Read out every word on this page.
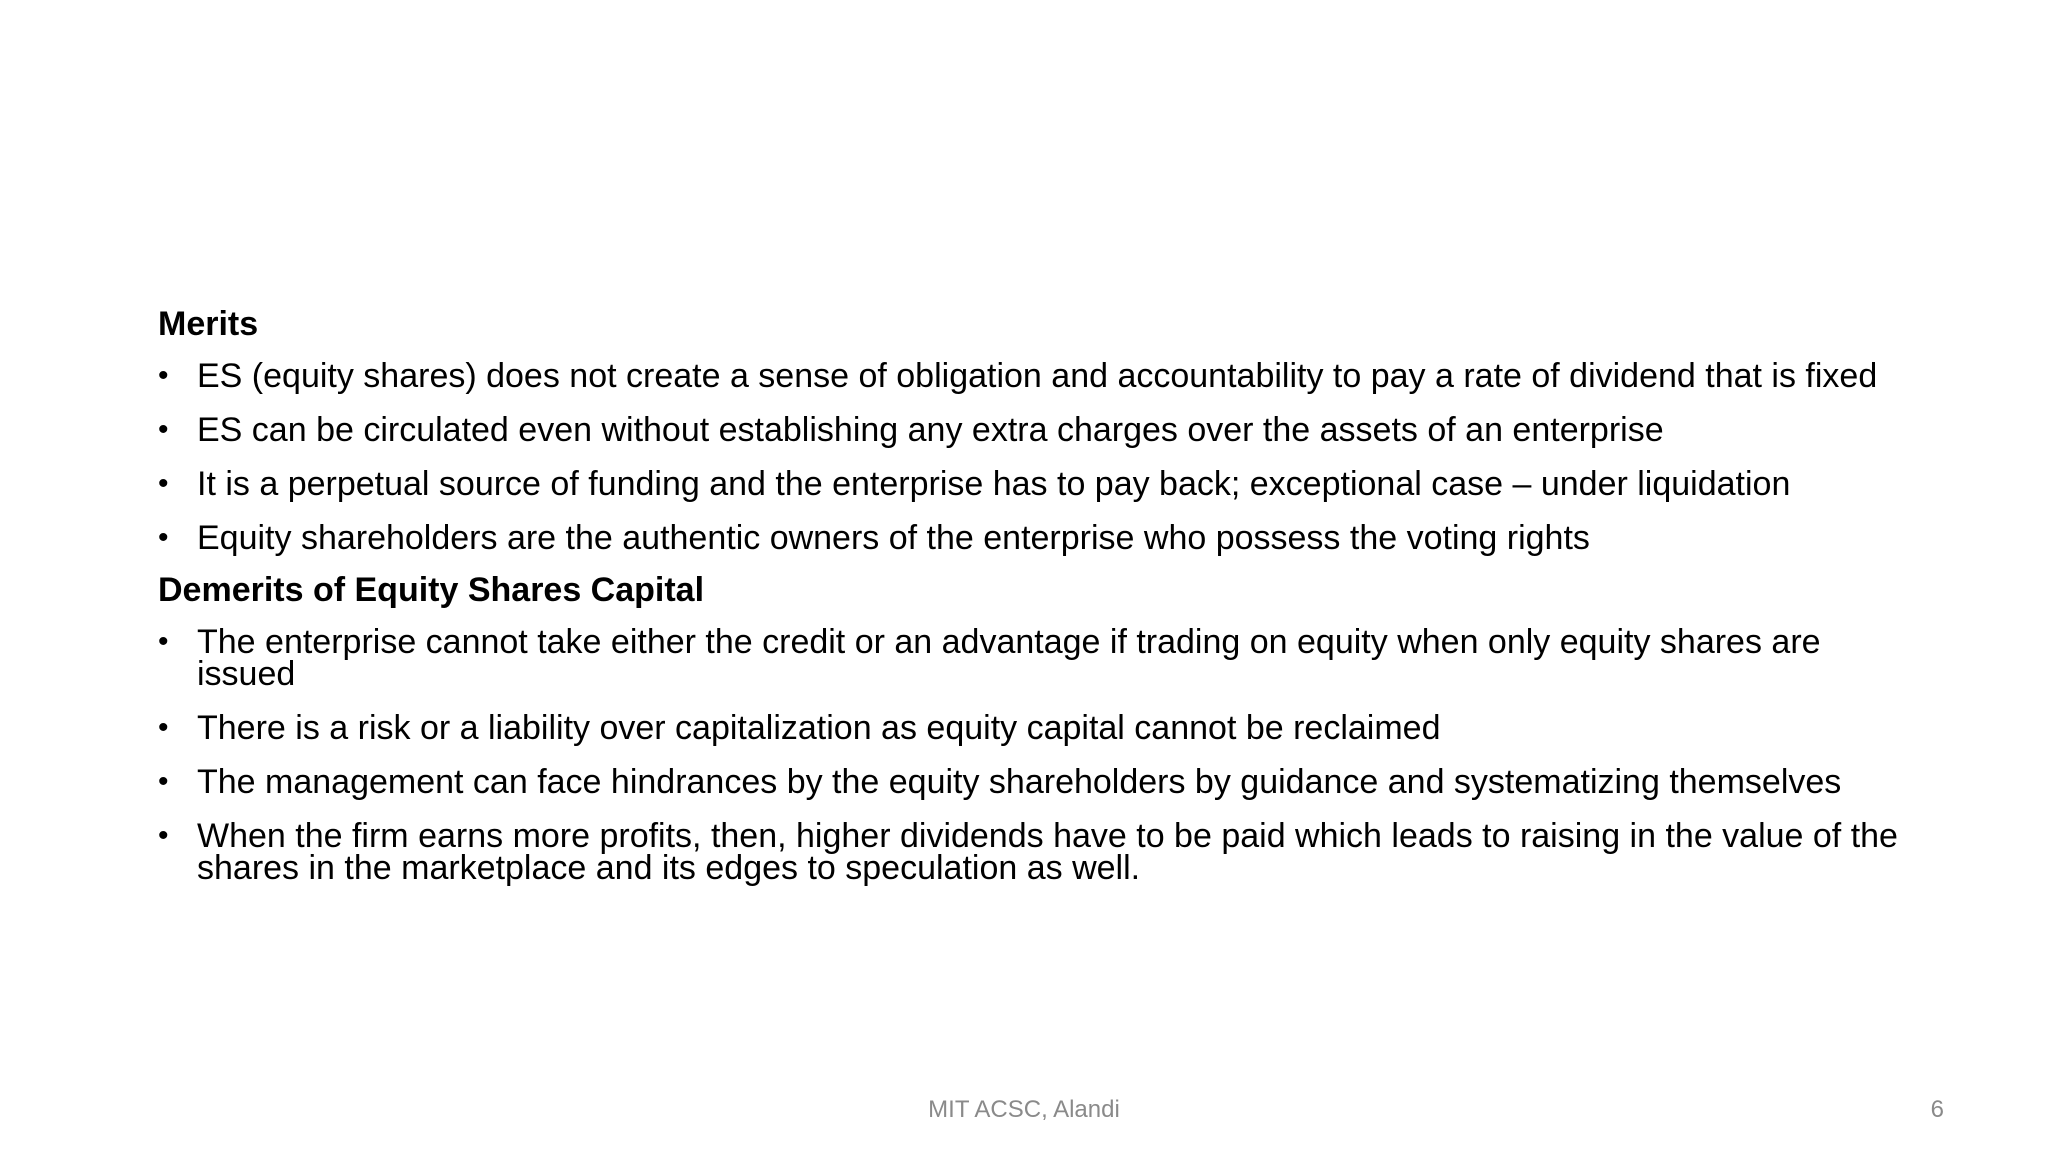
Merits
• ES (equity shares) does not create a sense of obligation and accountability to pay a rate of dividend that is fixed
• ES can be circulated even without establishing any extra charges over the assets of an enterprise
• It is a perpetual source of funding and the enterprise has to pay back; exceptional case – under liquidation
• Equity shareholders are the authentic owners of the enterprise who possess the voting rights
Demerits of Equity Shares Capital
• The enterprise cannot take either the credit or an advantage if trading on equity when only equity shares are issued
• There is a risk or a liability over capitalization as equity capital cannot be reclaimed
• The management can face hindrances by the equity shareholders by guidance and systematizing themselves
• When the firm earns more profits, then, higher dividends have to be paid which leads to raising in the value of the shares in the marketplace and its edges to speculation as well.
MIT ACSC, Alandi	6
